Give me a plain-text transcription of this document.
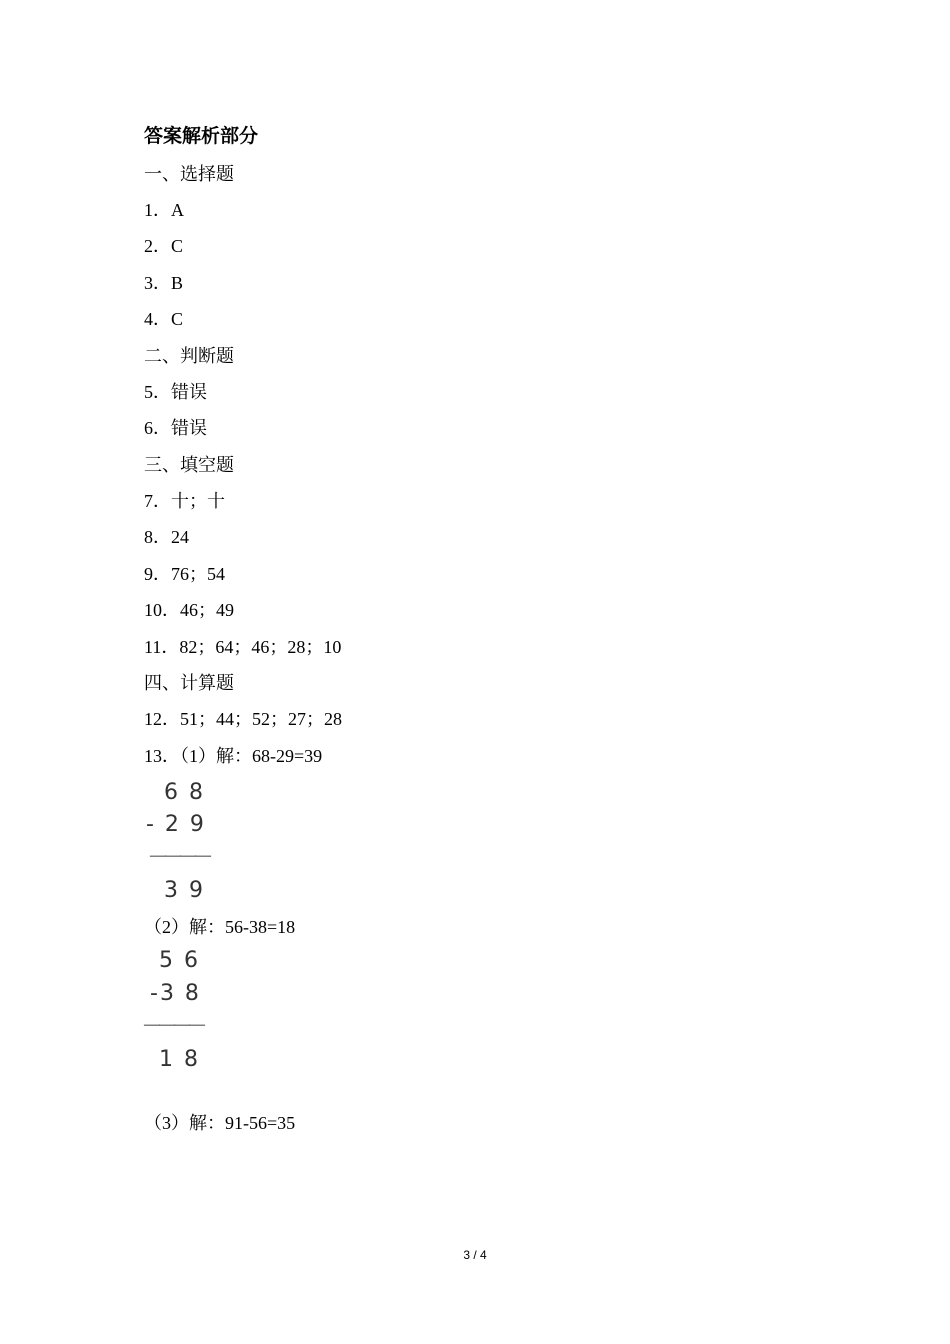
答案解析部分
一、选择题
1．A
2．C
3．B
4．C
二、判断题
5．错误
6．错误
三、填空题
7．十；十
8．24
9．76；54
10．46；49
11．82；64；46；28；10
四、计算题
12．51；44；52；27；28
13．（1）解：68-29=39
6 8
- 2 9
————
3 9
（2）解：56-38=18
5 6
-3 8
————
1 8
（3）解：91-56=35
3 / 4
